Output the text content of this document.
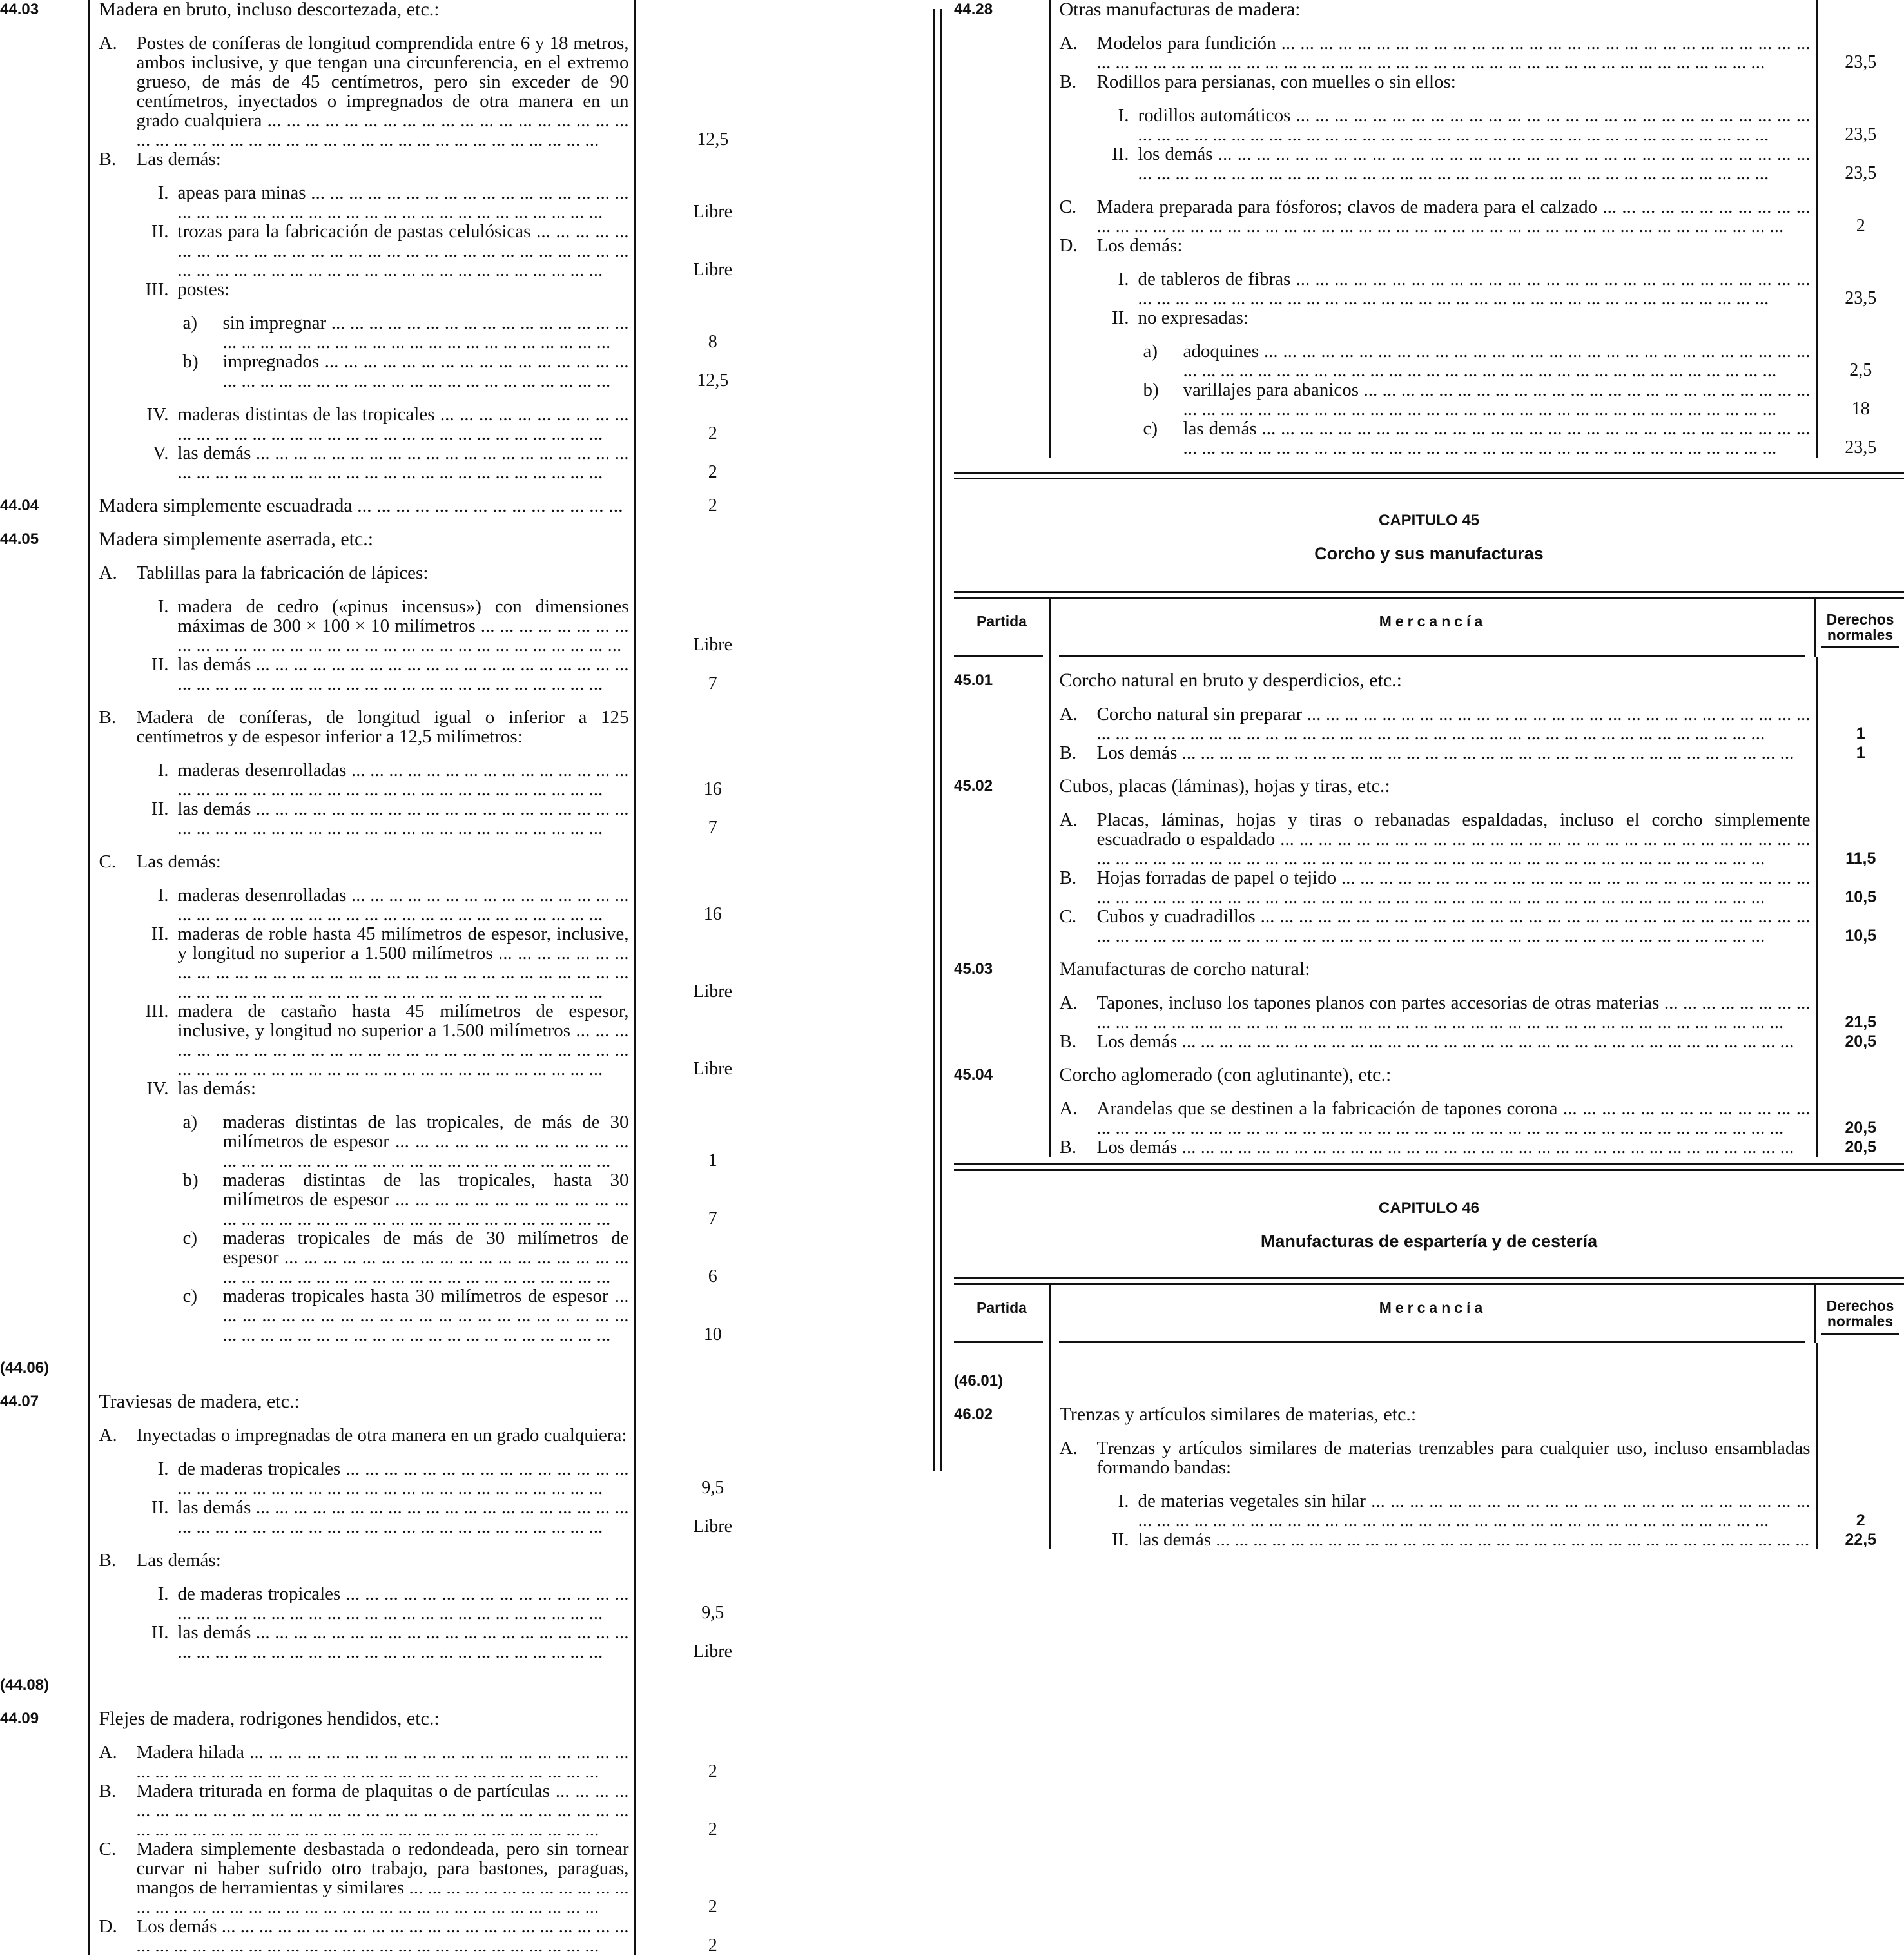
44.03	Madera en bruto, incluso descortezada, etc.:	

	A. Postes de coníferas de longitud comprendida entre 6 y 18 metros, ambos inclusive, y que tengan una circunferencia, en el extremo grueso, de más de 45 centímetros, pero sin exceder de 90 centímetros, inyectados o impregnados de otra manera en un grado cualquiera ... ... ... ... ... ... ... ... ... ... ... ... ... .	12,5

	B. Las demás:	

	I. apeas para minas ... ... ... ... ... ... ... ... ... .	Libre

	II. trozas para la fabricación de pastas celulósicas ... ... ... ... ... ... ... ... ... ... ... ... ... ... ... ... ... ... ... ... ... .	Libre

	III. postes:	

	a) sin impregnar ... ... ... ... ... ... .	8

	b) impregnados ... ... ... ... ... ... .	12,5

	IV. maderas distintas de las tropicales ... ... .	2

	V. las demás ... ... ... ... ... ... ... ... ... ... ... ... .	2

44.04	Madera simplemente escuadrada ... .	2

44.05	Madera simplemente aserrada, etc.:	

	A. Tablillas para la fabricación de lápices:	

	I. madera de cedro («pinus incensus») con dimensiones máximas de 300 × 100 × 10 milímetros ... .	Libre

	II. las demás ... ... ... ... ... ... ... ... ... ... ... ... .	7

	B. Madera de coníferas, de longitud igual o inferior a 125 centímetros y de espesor inferior a 12,5 milímetros:	

	I. maderas desenrolladas ... ... ... ... ... ... ... .	16

	II. las demás ... ... ... ... ... ... ... ... ... ... ... ... .	7

	C. Las demás:	

	I. maderas desenrolladas ... ... ... ... ... ... ... .	16

	II. maderas de roble hasta 45 milímetros de espesor, inclusive, y longitud no superior a 1.500 milímetros ... ... ... ... ... ... ... ... ... ... ... ... ... ... ... ... ... ... ... ... ... ... ... .	Libre

	III. madera de castaño hasta 45 milímetros de espesor, inclusive, y longitud no superior a 1.500 milímetros ... ... ... ... ... ... ... ... ... ... ... ... ... ... ... ... ... ... ... .	Libre

	IV. las demás:	

	a) maderas distintas de las tropicales, de más de 30 milímetros de espesor ... ... .	1

	b) maderas distintas de las tropicales, hasta 30 milímetros de espesor ... ... .	7

	c) maderas tropicales de más de 30 milímetros de espesor ... ... ... ... ... ... ... ... .	6

	c) maderas tropicales hasta 30 milímetros de espesor ... ... ... ... ... ... ... ... ... ... ... ... .	10

(44.06)		

44.07	Traviesas de madera, etc.:	

	A. Inyectadas o impregnadas de otra manera en un grado cualquiera:	

	I. de maderas tropicales ... ... ... ... ... ... ... .	9,5

	II. las demás ... ... ... ... ... ... ... ... ... ... ... ... .	Libre

	B. Las demás:	

	I. de maderas tropicales ... ... ... ... ... ... ... .	9,5

	II. las demás ... ... ... ... ... ... ... ... ... ... ... ... .	Libre

(44.08)		

44.09	Flejes de madera, rodrigones hendidos, etc.:	

	A. Madera hilada ... ... ... ... ... ... ... ... ... ... ... ... ... ... .	2

	B. Madera triturada en forma de plaquitas o de partículas ... ... ... ... ... ... ... ... ... ... ... ... ... ... ... ... ... ... ... ... ... ... ... ... .	2

	C. Madera simplemente desbastada o redondeada, pero sin tornear curvar ni haber sufrido otro trabajo, para bastones, paraguas, mangos de herramientas y similares ... ... ... ... ... ... .	2

	D. Los demás ... ... ... ... ... ... ... ... ... ... ... ... ... ... ... ... .	2
44.28	Otras manufacturas de madera:	

	A. Modelos para fundición ... ... ... ... ... ... ... ... ... ... ... ... ... ... ... ... ... ... ... ... ... ... ... ... ... ... ... ... ... ... ... ... ... .	23,5

	B. Rodillos para persianas, con muelles o sin ellos:	

	I. rodillos automáticos ... ... ... ... ... ... ... ... ... ... ... ... ... ... ... ... ... ... ... ... ... ... ... ... ... ... ... ... ... ... .	23,5

	II. los demás ... ... ... ... ... ... ... ... ... ... ... ... ... ... ... ... ... ... ... ... ... ... ... ... ... ... ... ... ... ... ... ... ... ... .	23,5

	C. Madera preparada para fósforos; clavos de madera para el calzado ... ... ... ... ... ... ... ... ... ... ... ... ... ... ... ... ... .	2

	D. Los demás:	

	I. de tableros de fibras ... ... ... ... ... ... ... ... ... ... ... ... ... ... ... ... ... ... ... ... ... ... ... ... ... ... ... ... ... ... .	23,5

	II. no expresadas:	

	a) adoquines ... ... ... ... ... ... ... ... ... ... ... ... ... ... ... ... ... ... ... ... ... ... ... ... ... ... ... ... ... ... .	2,5

	b) varillajes para abanicos ... ... ... ... ... ... ... ... ... ... ... ... ... ... ... ... ... ... ... ... ... ... ... ... ... .	18

	c) las demás ... ... ... ... ... ... ... ... ... ... ... ... ... ... ... ... ... ... ... ... ... ... ... ... ... ... ... ... ... ... .	23,5
CAPITULO 45
Corcho y sus manufacturas
Partida	Mercancía	Derechos
normales

45.01	Corcho natural en bruto y desperdicios, etc.:	

	A. Corcho natural sin preparar ... ... ... ... ... ... ... ... ... ... ... ... ... ... ... ... ... ... ... ... ... ... ... ... ... ... ... ... ... ... ... ... .	1

	B. Los demás ... ... .	1

45.02	Cubos, placas (láminas), hojas y tiras, etc.:	

	A. Placas, láminas, hojas y tiras o rebanadas espaldadas, incluso el corcho simplemente escuadrado o espaldado ... ... ... ... ... ... ... ... ... ... ... ... ... ... ... ... ... ... ... ... ... ... ... ... ... ... ... ... ... ... ... ... ... .	11,5

	B. Hojas forradas de papel o tejido ... ... ... ... ... ... ... ... ... ... ... ... ... ... ... ... ... ... ... ... ... ... ... ... ... ... ... ... ... ... .	10,5

	C. Cubos y cuadradillos ... ... ... ... ... ... ... ... ... ... ... ... ... ... ... ... ... ... ... ... ... ... ... ... ... ... ... ... ... ... ... ... ... ... .	10,5

45.03	Manufacturas de corcho natural:	

	A. Tapones, incluso los tapones planos con partes accesorias de otras materias ... ... ... ... ... ... ... ... ... ... ... ... ... ... .	21,5

	B. Los demás ... ... .	20,5

45.04	Corcho aglomerado (con aglutinante), etc.:	

	A. Arandelas que se destinen a la fabricación de tapones corona ... ... ... ... ... ... ... ... ... ... ... ... ... ... ... ... ... ... ... .	20,5

	B. Los demás ... ... .	20,5
CAPITULO 46
Manufacturas de espartería y de cestería
Partida	Mercancía	Derechos
normales

(46.01)		

46.02	Trenzas y artículos similares de materias, etc.:	

	A. Trenzas y artículos similares de materias trenzables para cualquier uso, incluso ensambladas formando bandas:	

	I. de materias vegetales sin hilar ... ... ... ... ... ... ... ... ... ... ... ... ... ... ... ... ... ... ... ... ... ... ... ... ... ... .	2

	II. las demás ... .	22,5
